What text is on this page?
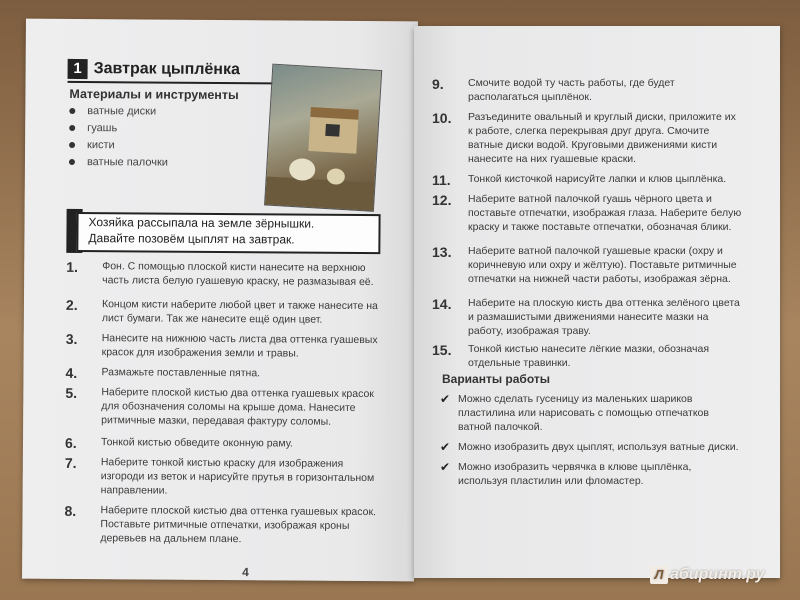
1 Завтрак цыплёнка
Материалы и инструменты
ватные диски
гуашь
кисти
ватные палочки
Хозяйка рассыпала на земле зёрнышки.
Давайте позовём цыплят на завтрак.
1. Фон. С помощью плоской кисти нанесите на верхнюю часть листа белую гуашевую краску, не размазывая её.
2. Концом кисти наберите любой цвет и также нанесите на лист бумаги. Так же нанесите ещё один цвет.
3. Нанесите на нижнюю часть листа два оттенка гуашевых красок для изображения земли и травы.
4. Размажьте поставленные пятна.
5. Наберите плоской кистью два оттенка гуашевых красок для обозначения соломы на крыше дома. Нанесите ритмичные мазки, передавая фактуру соломы.
6. Тонкой кистью обведите оконную раму.
7. Наберите тонкой кистью краску для изображения изгороди из веток и нарисуйте прутья в горизонтальном направлении.
8. Наберите плоской кистью два оттенка гуашевых красок. Поставьте ритмичные отпечатки, изображая кроны деревьев на дальнем плане.
4
9. Смочите водой ту часть работы, где будет располагаться цыплёнок.
10. Разъедините овальный и круглый диски, приложите их к работе, слегка перекрывая друг друга. Смочите ватные диски водой. Круговыми движениями кисти нанесите на них гуашевые краски.
11. Тонкой кисточкой нарисуйте лапки и клюв цыплёнка.
12. Наберите ватной палочкой гуашь чёрного цвета и поставьте отпечатки, изображая глаза. Наберите белую краску и также поставьте отпечатки, обозначая блики.
13. Наберите ватной палочкой гуашевые краски (охру и коричневую или охру и жёлтую). Поставьте ритмичные отпечатки на нижней части работы, изображая зёрна.
14. Наберите на плоскую кисть два оттенка зелёного цвета и размашистыми движениями нанесите мазки на работу, изображая траву.
15. Тонкой кистью нанесите лёгкие мазки, обозначая отдельные травинки.
Варианты работы
✔ Можно сделать гусеницу из маленьких шариков пластилина или нарисовать с помощью отпечатков ватной палочкой.
✔ Можно изобразить двух цыплят, используя ватные диски.
✔ Можно изобразить червячка в клюве цыплёнка, используя пластилин или фломастер.
Л абиринт.ру
